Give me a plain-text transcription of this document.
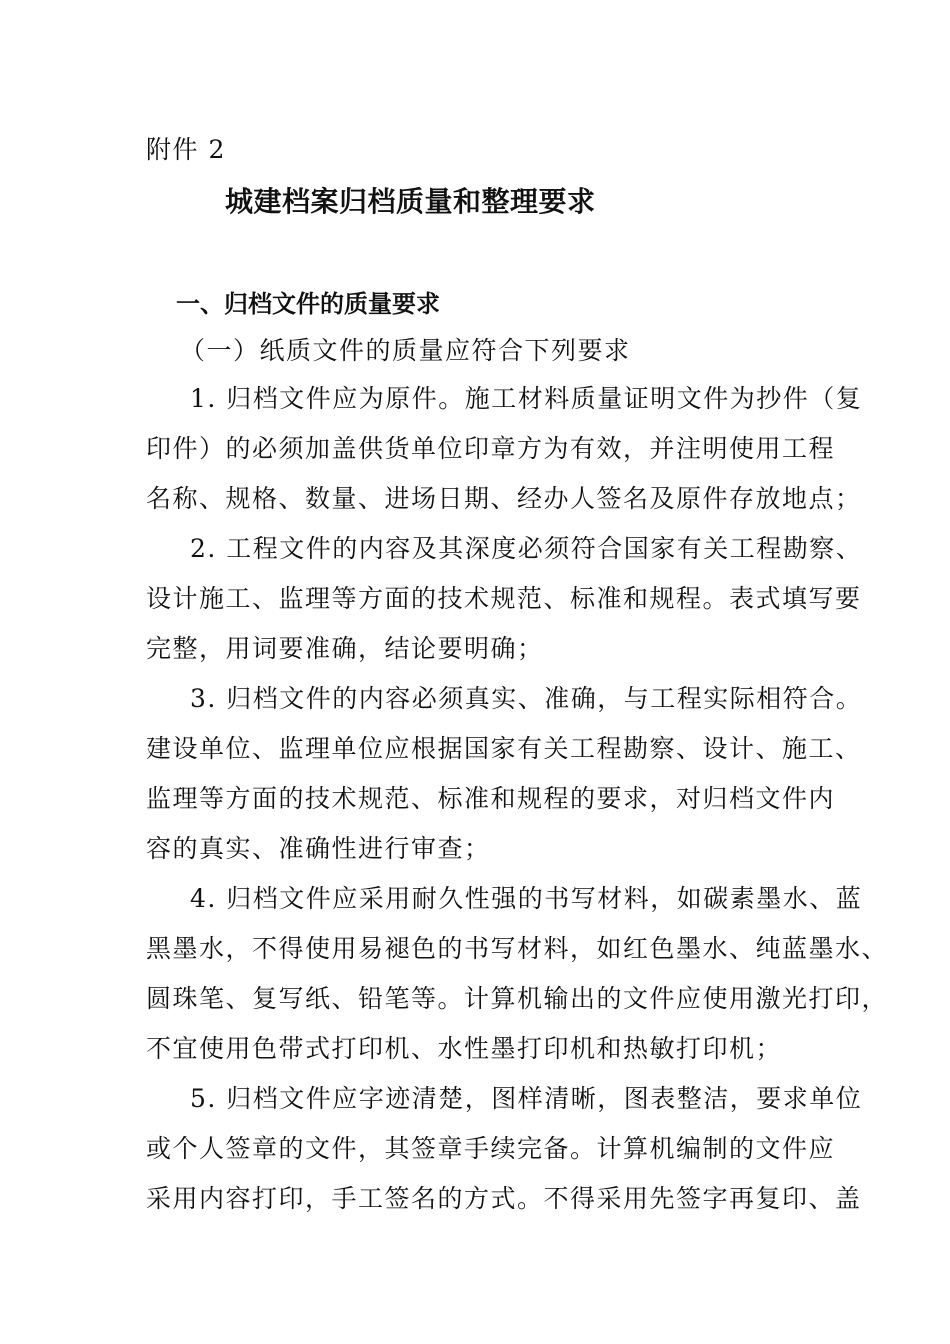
附件 2
城建档案归档质量和整理要求
一、归档文件的质量要求
（一）纸质文件的质量应符合下列要求
1. 归档文件应为原件。施工材料质量证明文件为抄件（复
印件）的必须加盖供货单位印章方为有效，并注明使用工程
名称、规格、数量、进场日期、经办人签名及原件存放地点；
2. 工程文件的内容及其深度必须符合国家有关工程勘察、
设计施工、监理等方面的技术规范、标准和规程。表式填写要
完整，用词要准确，结论要明确；
3. 归档文件的内容必须真实、准确，与工程实际相符合。
建设单位、监理单位应根据国家有关工程勘察、设计、施工、
监理等方面的技术规范、标准和规程的要求，对归档文件内
容的真实、准确性进行审查；
4. 归档文件应采用耐久性强的书写材料，如碳素墨水、蓝
黑墨水，不得使用易褪色的书写材料，如红色墨水、纯蓝墨水、
圆珠笔、复写纸、铅笔等。计算机输出的文件应使用激光打印，
不宜使用色带式打印机、水性墨打印机和热敏打印机；
5. 归档文件应字迹清楚，图样清晰，图表整洁，要求单位
或个人签章的文件，其签章手续完备。计算机编制的文件应
采用内容打印，手工签名的方式。不得采用先签字再复印、盖
